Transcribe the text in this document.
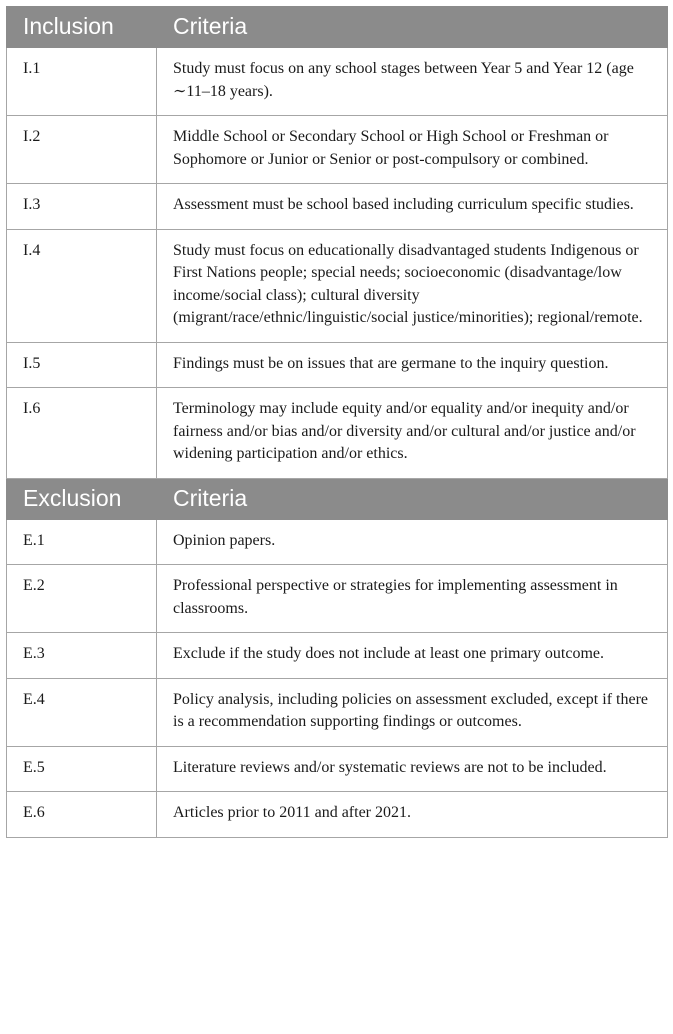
Inclusion	Criteria
I.1	Study must focus on any school stages between Year 5 and Year 12 (age ∼11–18 years).
I.2	Middle School or Secondary School or High School or Freshman or Sophomore or Junior or Senior or post-compulsory or combined.
I.3	Assessment must be school based including curriculum specific studies.
I.4	Study must focus on educationally disadvantaged students Indigenous or First Nations people; special needs; socioeconomic (disadvantage/low income/social class); cultural diversity (migrant/race/ethnic/linguistic/social justice/minorities); regional/remote.
I.5	Findings must be on issues that are germane to the inquiry question.
I.6	Terminology may include equity and/or equality and/or inequity and/or fairness and/or bias and/or diversity and/or cultural and/or justice and/or widening participation and/or ethics.
Exclusion	Criteria
E.1	Opinion papers.
E.2	Professional perspective or strategies for implementing assessment in classrooms.
E.3	Exclude if the study does not include at least one primary outcome.
E.4	Policy analysis, including policies on assessment excluded, except if there is a recommendation supporting findings or outcomes.
E.5	Literature reviews and/or systematic reviews are not to be included.
E.6	Articles prior to 2011 and after 2021.
